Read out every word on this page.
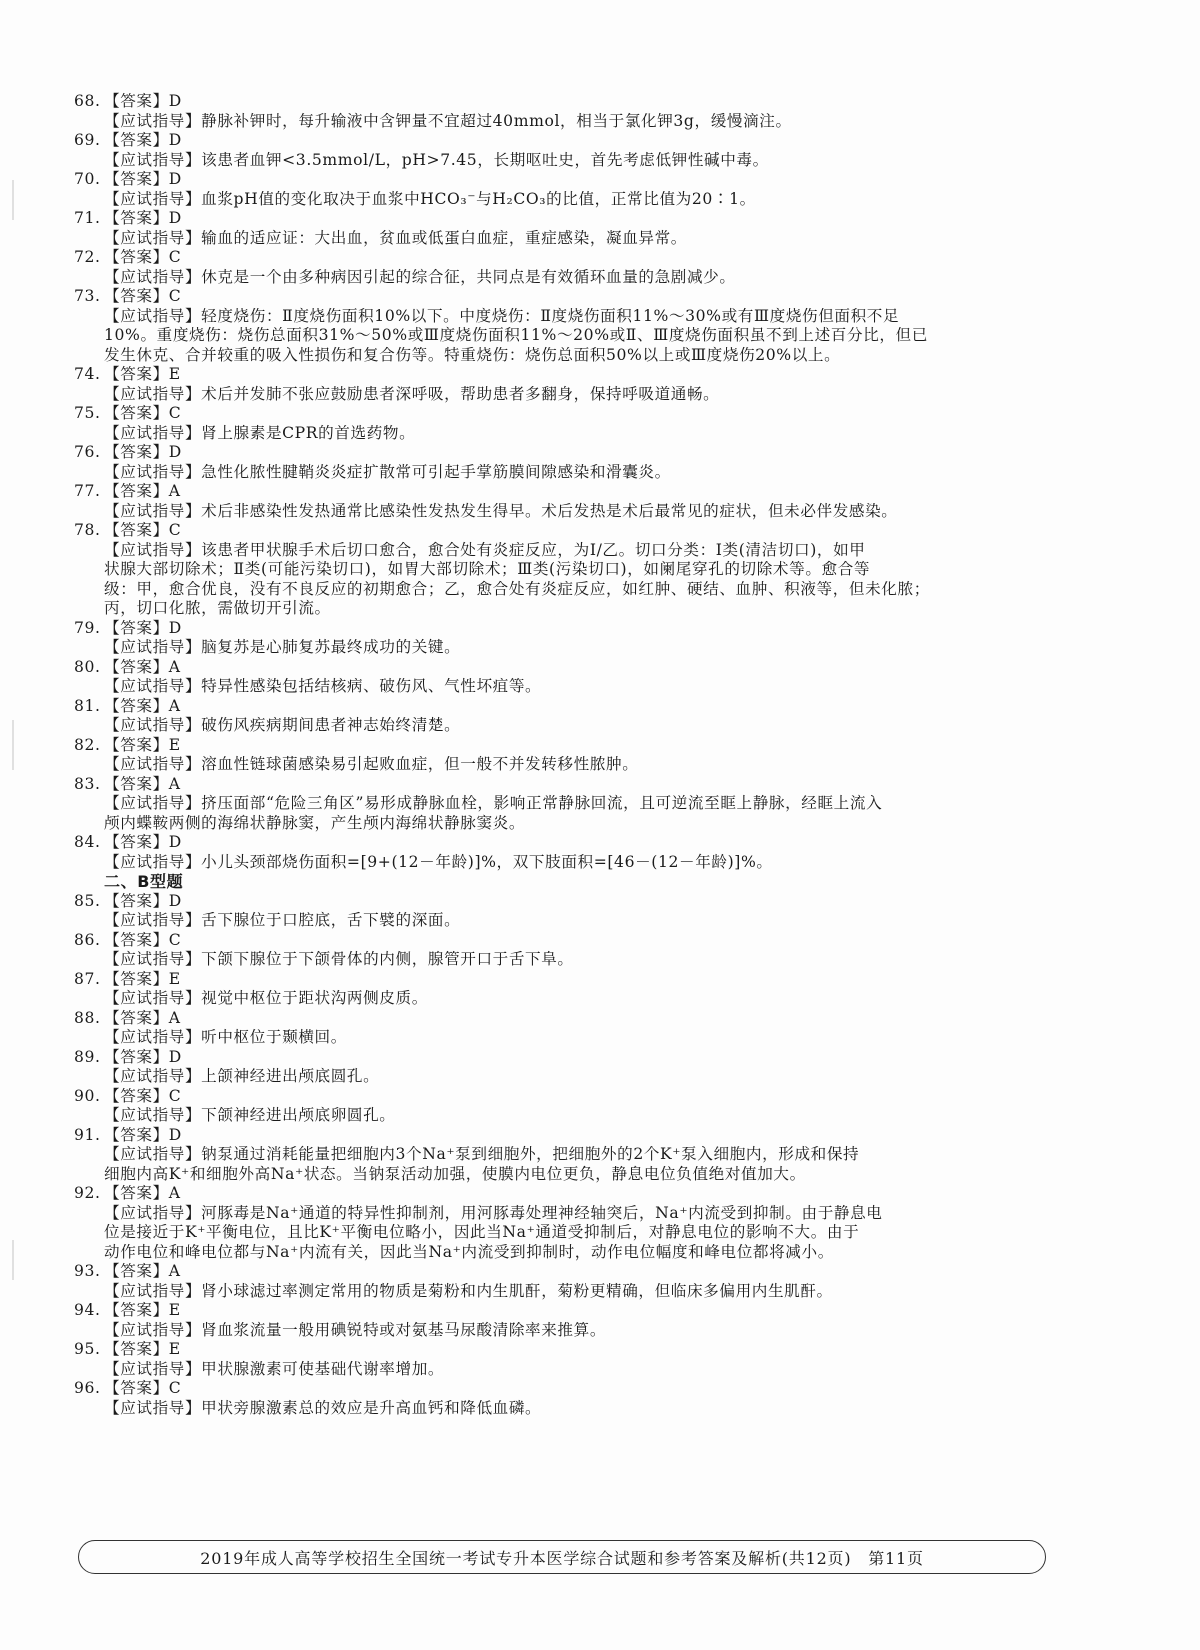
68. 【答案】D
【应试指导】静脉补钾时，每升输液中含钾量不宜超过40mmol，相当于氯化钾3g，缓慢滴注。
69. 【答案】D
【应试指导】该患者血钾<3.5mmol/L，pH>7.45，长期呕吐史，首先考虑低钾性碱中毒。
70. 【答案】D
【应试指导】血浆pH值的变化取决于血浆中HCO₃⁻与H₂CO₃的比值，正常比值为20∶1。
71. 【答案】D
【应试指导】输血的适应证：大出血，贫血或低蛋白血症，重症感染，凝血异常。
72. 【答案】C
【应试指导】休克是一个由多种病因引起的综合征，共同点是有效循环血量的急剧减少。
73. 【答案】C
【应试指导】轻度烧伤：Ⅱ度烧伤面积10%以下。中度烧伤：Ⅱ度烧伤面积11%～30%或有Ⅲ度烧伤但面积不足
10%。重度烧伤：烧伤总面积31%～50%或Ⅲ度烧伤面积11%～20%或Ⅱ、Ⅲ度烧伤面积虽不到上述百分比，但已
发生休克、合并较重的吸入性损伤和复合伤等。特重烧伤：烧伤总面积50%以上或Ⅲ度烧伤20%以上。
74. 【答案】E
【应试指导】术后并发肺不张应鼓励患者深呼吸，帮助患者多翻身，保持呼吸道通畅。
75. 【答案】C
【应试指导】肾上腺素是CPR的首选药物。
76. 【答案】D
【应试指导】急性化脓性腱鞘炎炎症扩散常可引起手掌筋膜间隙感染和滑囊炎。
77. 【答案】A
【应试指导】术后非感染性发热通常比感染性发热发生得早。术后发热是术后最常见的症状，但未必伴发感染。
78. 【答案】C
【应试指导】该患者甲状腺手术后切口愈合，愈合处有炎症反应，为Ⅰ/乙。切口分类：Ⅰ类(清洁切口)，如甲
状腺大部切除术；Ⅱ类(可能污染切口)，如胃大部切除术；Ⅲ类(污染切口)，如阑尾穿孔的切除术等。愈合等
级：甲，愈合优良，没有不良反应的初期愈合；乙，愈合处有炎症反应，如红肿、硬结、血肿、积液等，但未化脓；
丙，切口化脓，需做切开引流。
79. 【答案】D
【应试指导】脑复苏是心肺复苏最终成功的关键。
80. 【答案】A
【应试指导】特异性感染包括结核病、破伤风、气性坏疽等。
81. 【答案】A
【应试指导】破伤风疾病期间患者神志始终清楚。
82. 【答案】E
【应试指导】溶血性链球菌感染易引起败血症，但一般不并发转移性脓肿。
83. 【答案】A
【应试指导】挤压面部“危险三角区”易形成静脉血栓，影响正常静脉回流，且可逆流至眶上静脉，经眶上流入
颅内蝶鞍两侧的海绵状静脉窦，产生颅内海绵状静脉窦炎。
84. 【答案】D
【应试指导】小儿头颈部烧伤面积=[9+(12－年龄)]%，双下肢面积=[46－(12－年龄)]%。
二、B型题
85. 【答案】D
【应试指导】舌下腺位于口腔底，舌下襞的深面。
86. 【答案】C
【应试指导】下颌下腺位于下颌骨体的内侧，腺管开口于舌下阜。
87. 【答案】E
【应试指导】视觉中枢位于距状沟两侧皮质。
88. 【答案】A
【应试指导】听中枢位于颞横回。
89. 【答案】D
【应试指导】上颌神经进出颅底圆孔。
90. 【答案】C
【应试指导】下颌神经进出颅底卵圆孔。
91. 【答案】D
【应试指导】钠泵通过消耗能量把细胞内3个Na⁺泵到细胞外，把细胞外的2个K⁺泵入细胞内，形成和保持
细胞内高K⁺和细胞外高Na⁺状态。当钠泵活动加强，使膜内电位更负，静息电位负值绝对值加大。
92. 【答案】A
【应试指导】河豚毒是Na⁺通道的特异性抑制剂，用河豚毒处理神经轴突后，Na⁺内流受到抑制。由于静息电
位是接近于K⁺平衡电位，且比K⁺平衡电位略小，因此当Na⁺通道受抑制后，对静息电位的影响不大。由于
动作电位和峰电位都与Na⁺内流有关，因此当Na⁺内流受到抑制时，动作电位幅度和峰电位都将减小。
93. 【答案】A
【应试指导】肾小球滤过率测定常用的物质是菊粉和内生肌酐，菊粉更精确，但临床多偏用内生肌酐。
94. 【答案】E
【应试指导】肾血浆流量一般用碘锐特或对氨基马尿酸清除率来推算。
95. 【答案】E
【应试指导】甲状腺激素可使基础代谢率增加。
96. 【答案】C
【应试指导】甲状旁腺激素总的效应是升高血钙和降低血磷。
2019年成人高等学校招生全国统一考试专升本医学综合试题和参考答案及解析(共12页)　第11页
